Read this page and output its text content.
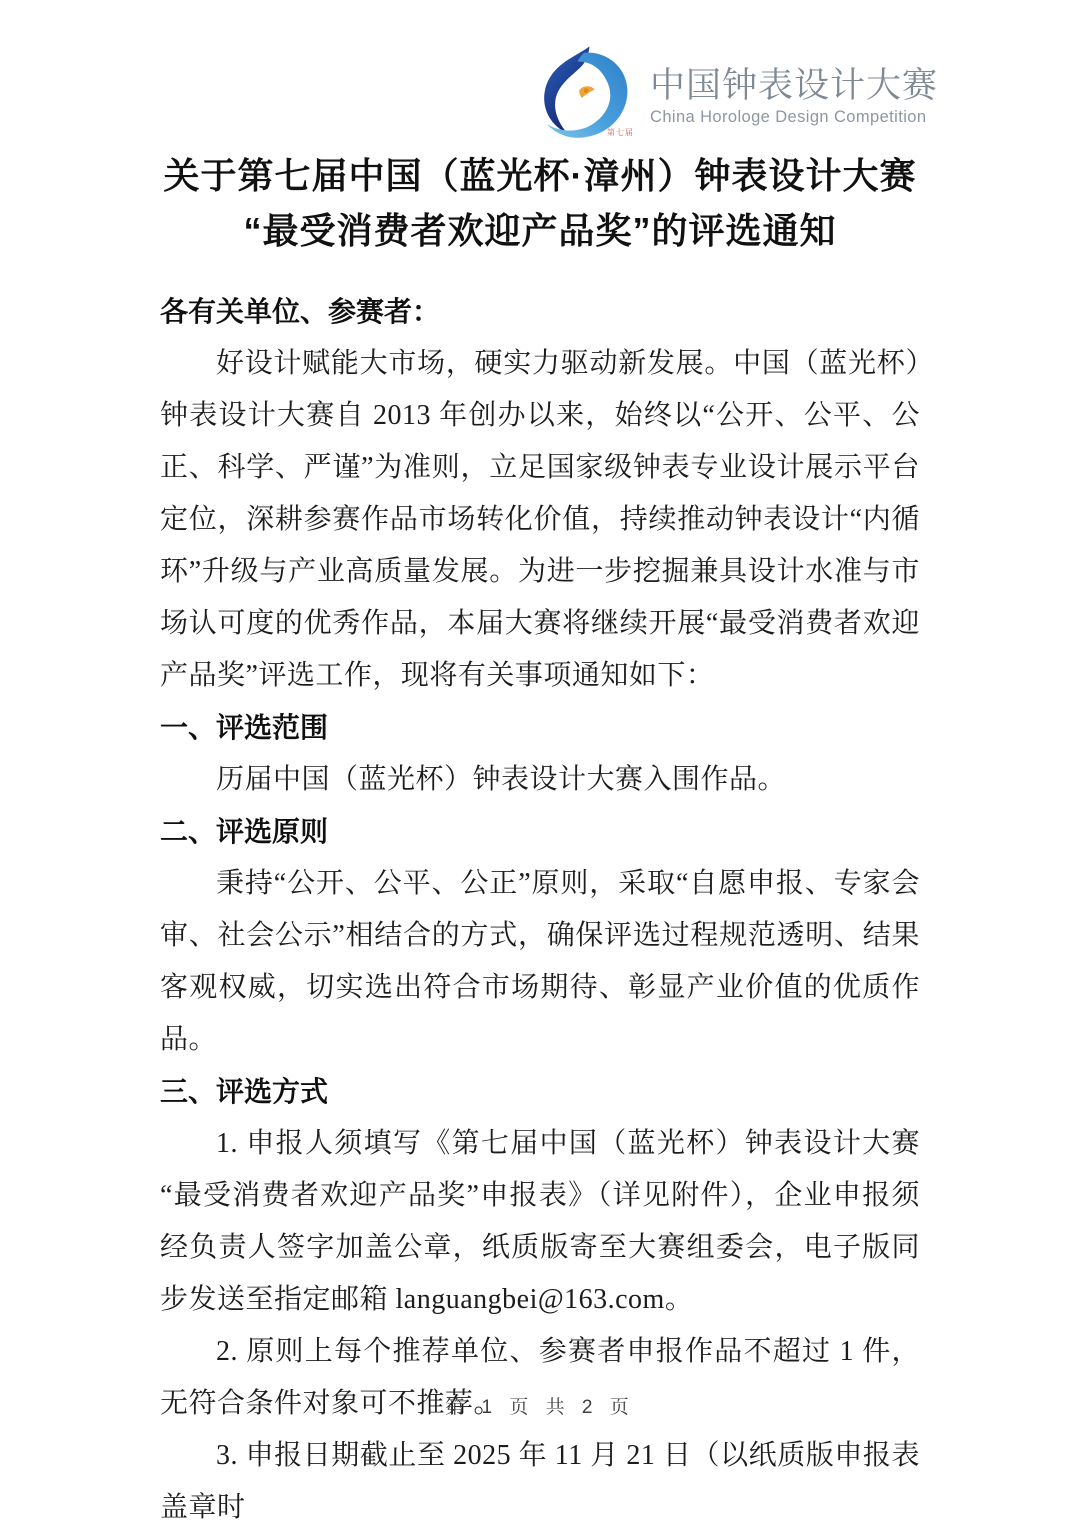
第七届
中国钟表设计大赛
China Horologe Design Competition
关于第七届中国（蓝光杯·漳州）钟表设计大赛
“最受消费者欢迎产品奖”的评选通知

各有关单位、参赛者：

好设计赋能大市场，硬实力驱动新发展。中国（蓝光杯）钟表设计大赛自 2013 年创办以来，始终以“公开、公平、公正、科学、严谨”为准则，立足国家级钟表专业设计展示平台定位，深耕参赛作品市场转化价值，持续推动钟表设计“内循环”升级与产业高质量发展。为进一步挖掘兼具设计水准与市场认可度的优秀作品，本届大赛将继续开展“最受消费者欢迎产品奖”评选工作，现将有关事项通知如下：

一、评选范围

历届中国（蓝光杯）钟表设计大赛入围作品。

二、评选原则

秉持“公开、公平、公正”原则，采取“自愿申报、专家会审、社会公示”相结合的方式，确保评选过程规范透明、结果客观权威，切实选出符合市场期待、彰显产业价值的优质作品。

三、评选方式

1. 申报人须填写《第七届中国（蓝光杯）钟表设计大赛“最受消费者欢迎产品奖”申报表》（详见附件），企业申报须经负责人签字加盖公章，纸质版寄至大赛组委会，电子版同步发送至指定邮箱 languangbei@163.com。

2. 原则上每个推荐单位、参赛者申报作品不超过 1 件，无符合条件对象可不推荐。

3. 申报日期截止至 2025 年 11 月 21 日（以纸质版申报表盖章时

第 1 页 共 2 页
